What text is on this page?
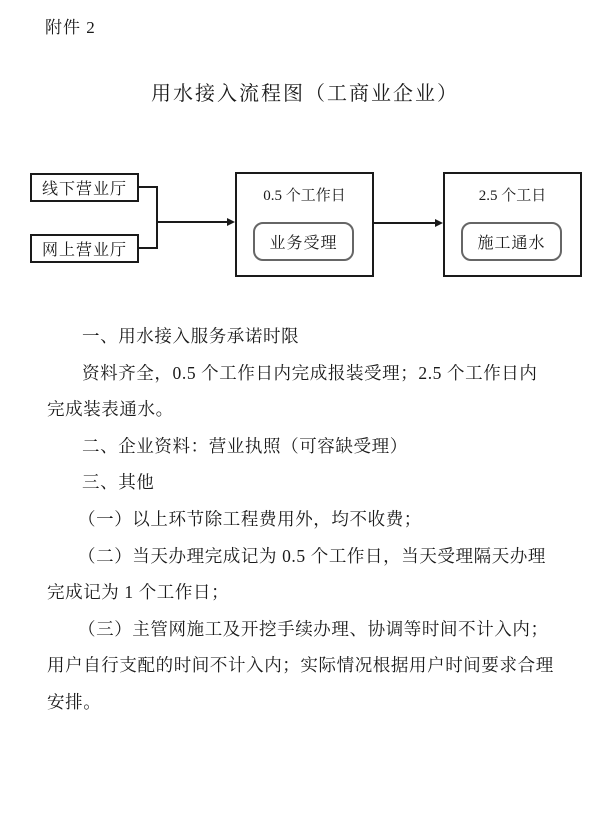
附件 2
用水接入流程图（工商业企业）
线下营业厅
网上营业厅
0.5 个工作日
业务受理
2.5 个工日
施工通水
一、用水接入服务承诺时限
资料齐全，0.5 个工作日内完成报装受理；2.5 个工作日内
完成装表通水。
二、企业资料：营业执照（可容缺受理）
三、其他
（一）以上环节除工程费用外，均不收费；
（二）当天办理完成记为 0.5 个工作日，当天受理隔天办理
完成记为 1 个工作日；
（三）主管网施工及开挖手续办理、协调等时间不计入内；
用户自行支配的时间不计入内；实际情况根据用户时间要求合理
安排。
